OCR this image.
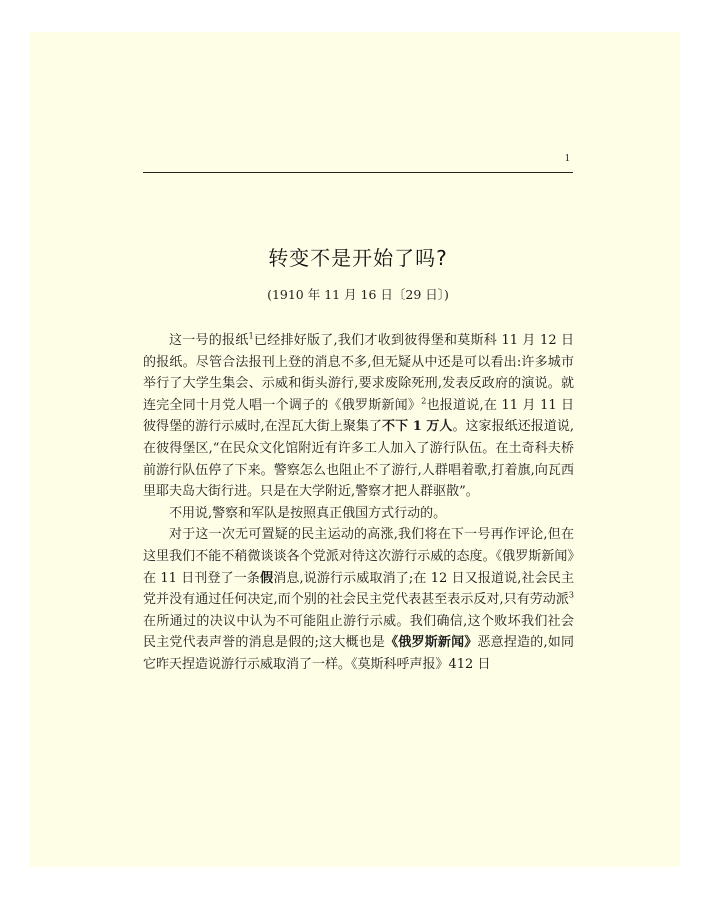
1
转变不是开始了吗?
(1910 年 11 月 16 日〔29 日〕)

这一号的报纸$^1$已经排好版了,我们才收到彼得堡和莫斯科 11 月 12 日的报纸。尽管合法报刊上登的消息不多,但无疑从中还是可以看出:许多城市举行了大学生集会、示威和街头游行,要求废除死刑,发表反政府的演说。就连完全同十月党人唱一个调子的《俄罗斯新闻》$^2$也报道说,在 11 月 11 日彼得堡的游行示威时,在涅瓦大街上聚集了不下 1 万人。这家报纸还报道说,在彼得堡区,“在民众文化馆附近有许多工人加入了游行队伍。在土奇科夫桥前游行队伍停了下来。警察怎么也阻止不了游行,人群唱着歌,打着旗,向瓦西里耶夫岛大街行进。只是在大学附近,警察才把人群驱散”。

不用说,警察和军队是按照真正俄国方式行动的。

对于这一次无可置疑的民主运动的高涨,我们将在下一号再作评论,但在这里我们不能不稍微谈谈各个党派对待这次游行示威的态度。《俄罗斯新闻》在 11 日刊登了一条假消息,说游行示威取消了;在 12 日又报道说,社会民主党并没有通过任何决定,而个别的社会民主党代表甚至表示反对,只有劳动派$^3$在所通过的决议中认为不可能阻止游行示威。我们确信,这个败坏我们社会民主党代表声誉的消息是假的;这大概也是《俄罗斯新闻》恶意捏造的,如同它昨天捏造说游行示威取消了一样。《莫斯科呼声报》412 日
